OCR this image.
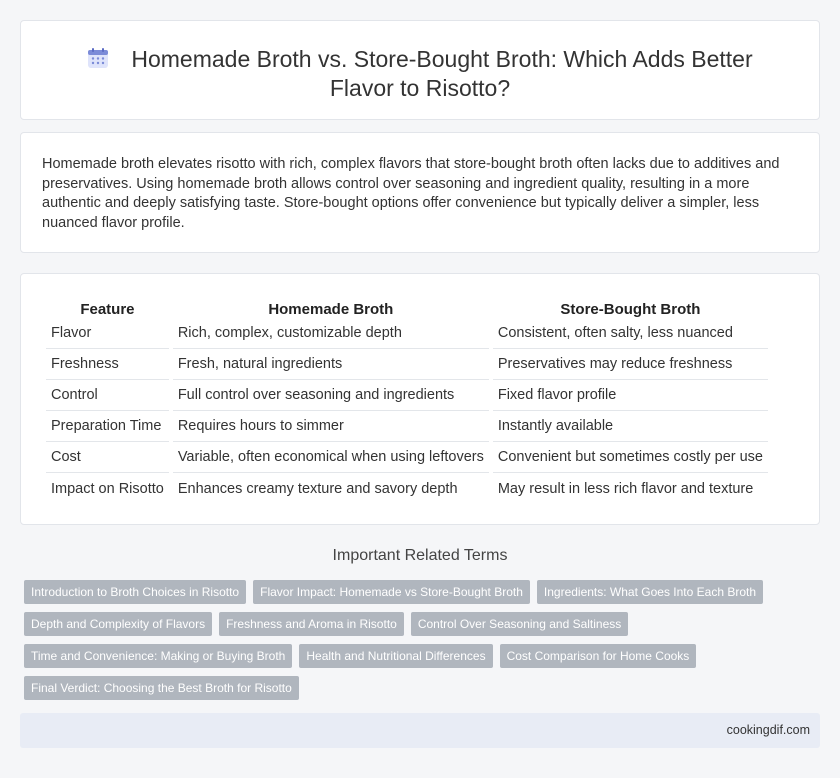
Homemade Broth vs. Store-Bought Broth: Which Adds Better Flavor to Risotto?

Homemade broth elevates risotto with rich, complex flavors that store-bought broth often lacks due to additives and preservatives. Using homemade broth allows control over seasoning and ingredient quality, resulting in a more authentic and deeply satisfying taste. Store-bought options offer convenience but typically deliver a simpler, less nuanced flavor profile.

Feature	Homemade Broth	Store-Bought Broth
Flavor	Rich, complex, customizable depth	Consistent, often salty, less nuanced
Freshness	Fresh, natural ingredients	Preservatives may reduce freshness
Control	Full control over seasoning and ingredients	Fixed flavor profile
Preparation Time	Requires hours to simmer	Instantly available
Cost	Variable, often economical when using leftovers	Convenient but sometimes costly per use
Impact on Risotto	Enhances creamy texture and savory depth	May result in less rich flavor and texture
Important Related Terms
Introduction to Broth Choices in Risotto	Flavor Impact: Homemade vs Store-Bought Broth	Ingredients: What Goes Into Each Broth
Depth and Complexity of Flavors	Freshness and Aroma in Risotto	Control Over Seasoning and Saltiness
Time and Convenience: Making or Buying Broth	Health and Nutritional Differences	Cost Comparison for Home Cooks
Final Verdict: Choosing the Best Broth for Risotto
cookingdif.com
